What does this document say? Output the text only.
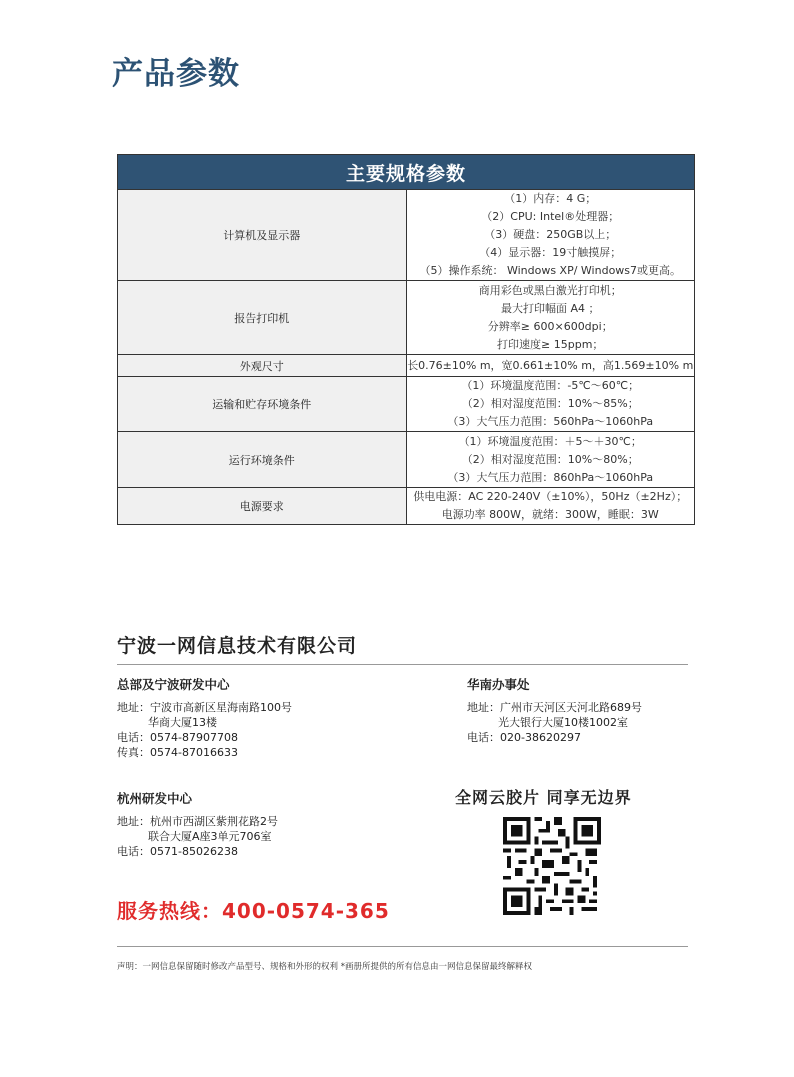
产品参数
主要规格参数	
计算机及显示器	（1）内存：4 G；
（2）CPU: Intel®处理器；
（3）硬盘：250GB以上；
（4）显示器：19寸触摸屏；
（5）操作系统： Windows XP/ Windows7或更高。

报告打印机	商用彩色或黑白激光打印机；
最大打印幅面 A4 ；
分辨率≥ 600×600dpi；
打印速度≥ 15ppm；

外观尺寸	长0.76±10% m，宽0.661±10% m，高1.569±10% m

运输和贮存环境条件	（1）环境温度范围：-5℃～60℃；
（2）相对湿度范围：10%～85%；
（3）大气压力范围：560hPa～1060hPa

运行环境条件	（1）环境温度范围：＋5～＋30℃；
（2）相对湿度范围：10%～80%；
（3）大气压力范围：860hPa～1060hPa

电源要求	供电电源：AC 220-240V（±10%），50Hz（±2Hz）；
电源功率 800W，就绪：300W，睡眠：3W
宁波一网信息技术有限公司
总部及宁波研发中心
地址：宁波市高新区星海南路100号
华商大厦13楼
电话：0574-87907708
传真：0574-87016633
华南办事处
地址：广州市天河区天河北路689号
光大银行大厦10楼1002室
电话：020-38620297
杭州研发中心
地址：杭州市西湖区紫荆花路2号
联合大厦A座3单元706室
电话：0571-85026238
全网云胶片 同享无边界
服务热线：400-0574-365
声明：一网信息保留随时修改产品型号、规格和外形的权利 *画册所提供的所有信息由一网信息保留最终解释权
